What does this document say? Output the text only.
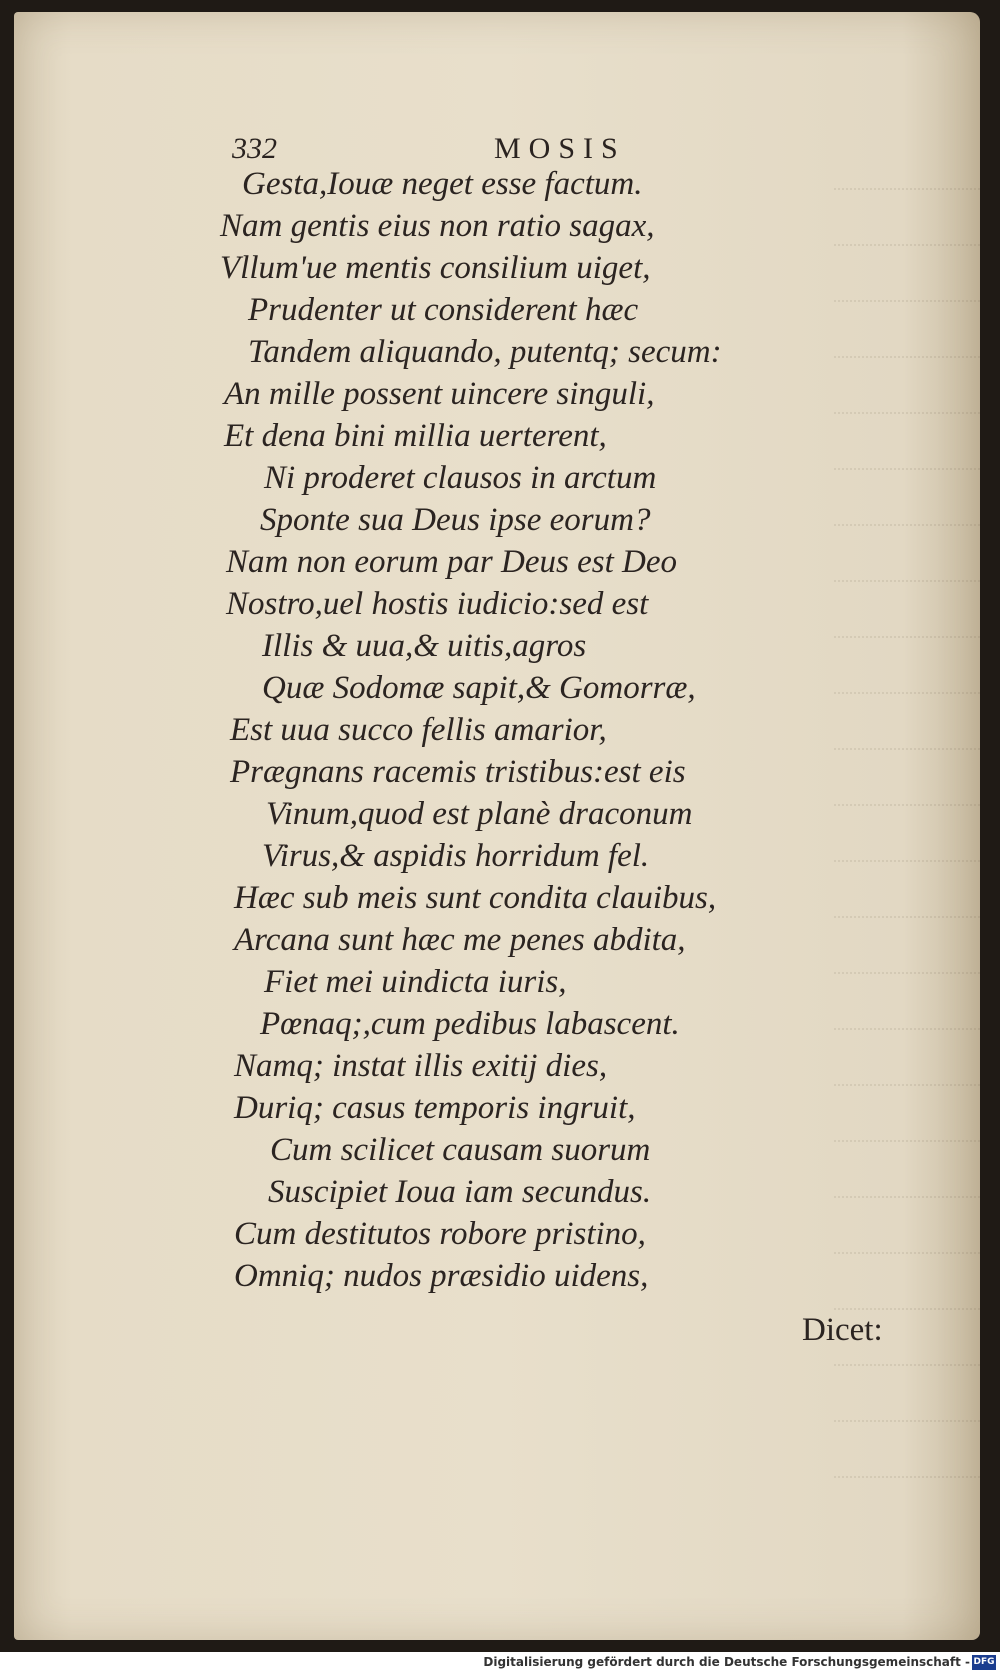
332	MOSIS
Gesta,Iouæ neget esse factum.
Nam gentis eius non ratio sagax,
Vllum'ue mentis consilium uiget,
Prudenter ut considerent hæc
Tandem aliquando, putentq; secum:
An mille possent uincere singuli,
Et dena bini millia uerterent,
Ni proderet clausos in arctum
Sponte sua Deus ipse eorum?
Nam non eorum par Deus est Deo
Nostro,uel hostis iudicio:sed est
Illis & uua,& uitis,agros
Quæ Sodomæ sapit,& Gomorræ,
Est uua succo fellis amarior,
Prægnans racemis tristibus:est eis
Vinum,quod est planè draconum
Virus,& aspidis horridum fel.
Hæc sub meis sunt condita clauibus,
Arcana sunt hæc me penes abdita,
Fiet mei uindicta iuris,
Pœnaq;,cum pedibus labascent.
Namq; instat illis exitij dies,
Duriq; casus temporis ingruit,
Cum scilicet causam suorum
Suscipiet Ioua iam secundus.
Cum destitutos robore pristino,
Omniq; nudos præsidio uidens,
Dicet:
Digitalisierung gefördert durch die Deutsche Forschungsgemeinschaft - DFG
